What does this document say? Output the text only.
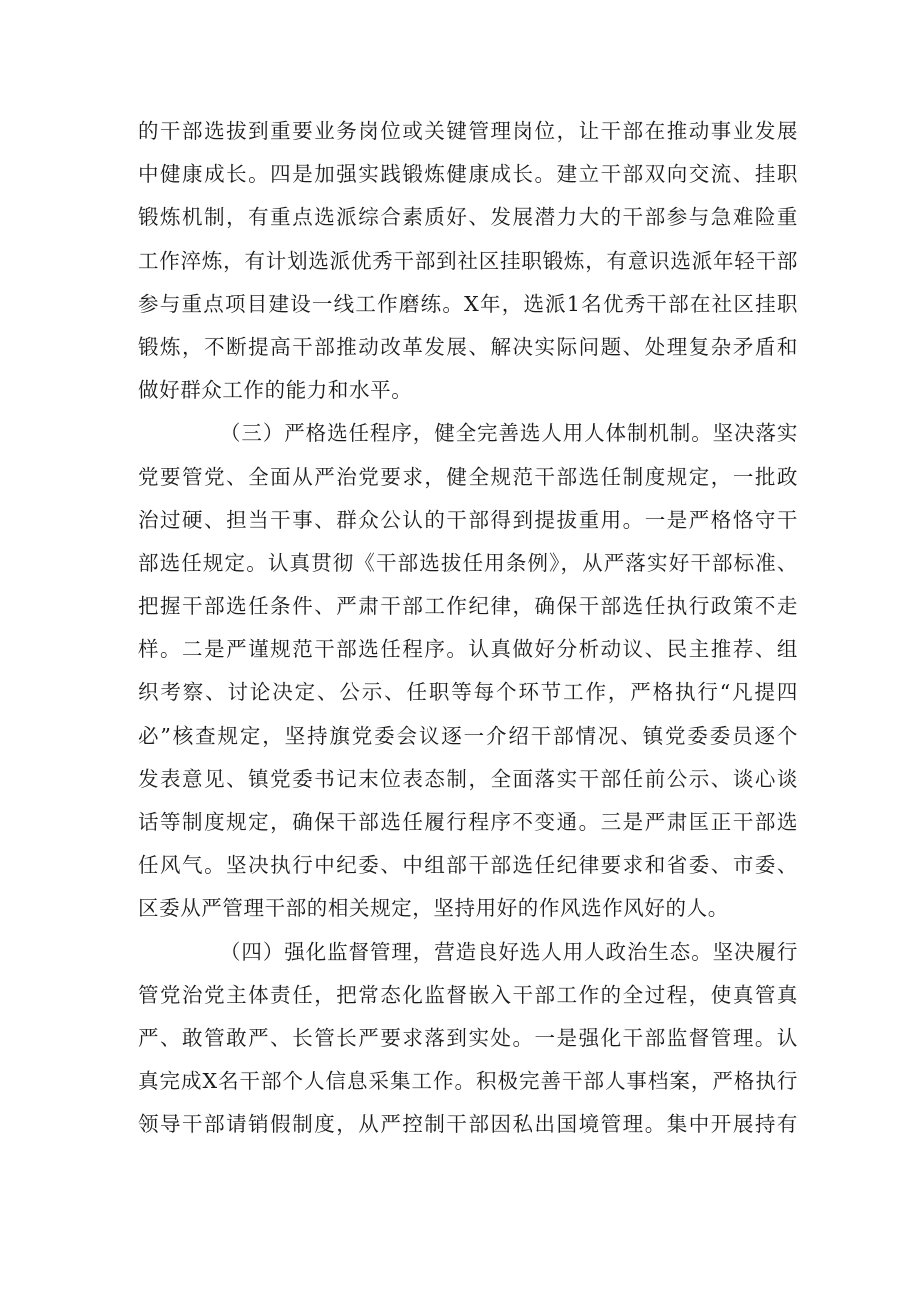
的干部选拔到重要业务岗位或关键管理岗位，让干部在推动事业发展
中健康成长。四是加强实践锻炼健康成长。建立干部双向交流、挂职
锻炼机制，有重点选派综合素质好、发展潜力大的干部参与急难险重
工作淬炼，有计划选派优秀干部到社区挂职锻炼，有意识选派年轻干部
参与重点项目建设一线工作磨练。X年，选派1名优秀干部在社区挂职
锻炼，不断提高干部推动改革发展、解决实际问题、处理复杂矛盾和
做好群众工作的能力和水平。
（三）严格选任程序，健全完善选人用人体制机制。坚决落实
党要管党、全面从严治党要求，健全规范干部选任制度规定，一批政
治过硬、担当干事、群众公认的干部得到提拔重用。一是严格恪守干
部选任规定。认真贯彻《干部选拔任用条例》，从严落实好干部标准、
把握干部选任条件、严肃干部工作纪律，确保干部选任执行政策不走
样。二是严谨规范干部选任程序。认真做好分析动议、民主推荐、组
织考察、讨论决定、公示、任职等每个环节工作，严格执行“凡提四
必”核查规定，坚持旗党委会议逐一介绍干部情况、镇党委委员逐个
发表意见、镇党委书记末位表态制，全面落实干部任前公示、谈心谈
话等制度规定，确保干部选任履行程序不变通。三是严肃匡正干部选
任风气。坚决执行中纪委、中组部干部选任纪律要求和省委、市委、
区委从严管理干部的相关规定，坚持用好的作风选作风好的人。
（四）强化监督管理，营造良好选人用人政治生态。坚决履行
管党治党主体责任，把常态化监督嵌入干部工作的全过程，使真管真
严、敢管敢严、长管长严要求落到实处。一是强化干部监督管理。认
真完成X名干部个人信息采集工作。积极完善干部人事档案，严格执行
领导干部请销假制度，从严控制干部因私出国境管理。集中开展持有
